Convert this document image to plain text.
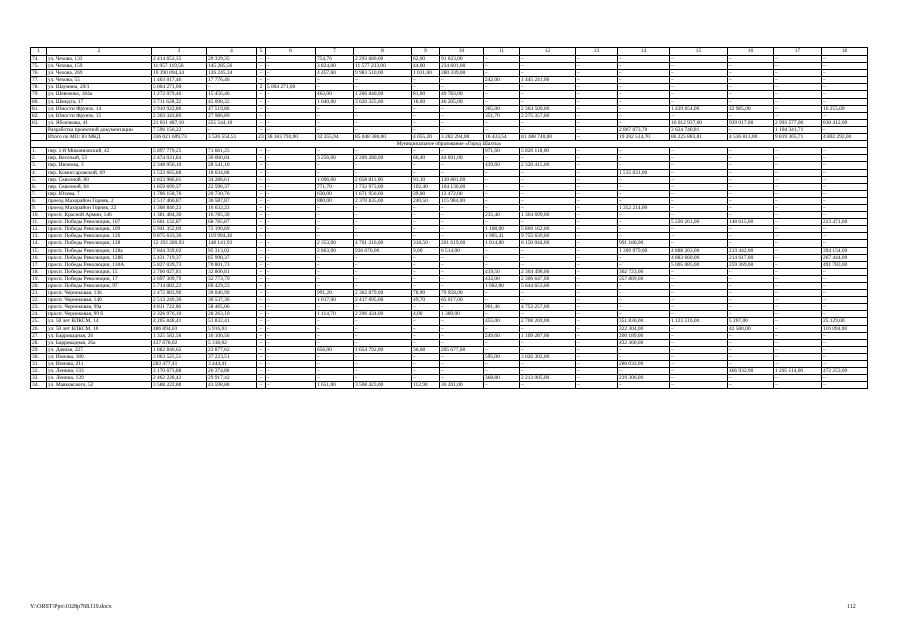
1	2	3	4	5	6	7	8	9	10	11	12	13	14	15	16	17	18
74.	ул. Чехова, 133	2 414 652,35	29 339,35	–	–	754,76	2 293 680,00	62,00	91 633,00	–	–	–	–	–	–	–	–
75.	ул. Чехова, 159	11 957 119,56	145 285,56	–	–	3 824,00	11 577 233,00	44,00	234 601,00	–	–	–	–	–	–	–	–
76.	ул. Чехова, 269	10 390 094,34	126 245,34	–	–	4 457,60	9 983 510,00	1 031,00	280 339,00	–	–	–	–	–	–	–	–
77.	ул. Чехова, 55	1 463 017,46	17 776,46	–	–	–	–	–	–	242,00	1 445 241,00	–	–	–	–	–	–
78.	ул. Шаумяна, 20/1	5 004 271,00	–	2	5 004 271,00	–	–	–	–	–	–	–	–	–	–	–	–
79.	ул. Шевченко, 184а	1 272 079,46	15 456,46	–	–	463,00	1 206 840,00	81,00	49 783,00	–	–	–	–	–	–	–	–
80.	ул. Шмидта, 17	3 711 628,32	45 098,32	–	–	1 040,00	3 620 325,00	18,00	46 205,00	–	–	–	–	–	–	–	–
81.	ул. Юности Фрунзе, 14	3 910 922,86	47 519,86	–	–	–	–	–	–	365,00	2 364 509,00	–	–	1 439 654,00	42 985,00	–	16 255,00
82.	ул. Юности Фрунзе, 15	2 303 343,89	27 986,89	–	–	–	–	–	–	351,70	2 275 357,00	–	–	–	–	–	–
83.	ул. Яблочкова, 41	21 031 487,10	255 544,10	–	–	–	–	–	–	–	–	–	–	16 012 937,00	939 017,00	2 993 577,00	830 412,00
	Разработка проектной документации	7 596 156,22	–	–	–	–	–	–	–	–	–	–	2 867 073,70	3 624 740,81	–	1 104 341,71	–
	Итого по МО: 83 МКД	336 021 609,73	3 526 554,51	23	38 183 792,00	32 355,94	85 048 380,00	4 055,20	3 282 294,00	16 433,54	81 388 740,00	–	19 202 514,70	86 225 883,81	4 536 813,00	9 819 365,71	4 802 292,00
Муниципальное образование «Город Шахты»																	
1.	пер. 1-й Микояновский, 42	5 897 779,25	71 661,25	–	–	–	–	–	–	971,60	5 826 118,00	–	–	–	–	–	–
2.	пер. Веселый, 53	2 474 031,84	30 060,84	–	–	3 256,00	2 399 280,00	66,40	44 691,00	–	–	–	–	–	–	–	–
3.	пер. Ивонова, 3	2 348 956,10	28 541,10	–	–	–	–	–	–	439,60	2 320 415,00	–	–	–	–	–	–
4.	пер. Комиссаровский, 69	1 533 665,88	18 634,88	–	–	–	–	–	–	–	–	–	1 515 031,00	–	–	–	–
5.	пер. Сквозной, 80	2 823 986,61	34 288,61	–	–	1 096,00	2 658 811,00	91,10	130 881,00	–	–	–	–	–	–	–	–
6.	пер. Сквозной, 84	1 859 699,37	22 596,37	–	–	771,70	1 732 973,00	102,40	104 130,00	–	–	–	–	–	–	–	–
7.	пер. Юхова, 7	1 706 158,76	20 730,76	–	–	630,00	1 671 956,00	39,00	13 472,00	–	–	–	–	–	–	–	–
8.	проезд Махорайон Горняк, 2	2 517 466,87	30 587,87	–	–	880,00	2 370 835,00	240,50	115 984,00	–	–	–	–	–	–	–	–
9.	проезд Махорайон Горняк, 22	1 368 846,23	16 632,23	–	–	–	–	–	–	–	–	–	1 352 214,00	–	–	–	–
10.	просп. Красной Армии, 146	1 381 484,30	16 785,30	–	–	–	–	–	–	235,40	1 364 699,00	–	–	–	–	–	–
11.	просп. Победы Революции, 107	5 661 132,87	68 785,87	–	–	–	–	–	–	–	–	–	–	5 220 261,00	148 615,00	–	223 471,00
12.	просп. Победы Революции, 109	5 941 352,69	72 190,69	–	–	–	–	–	–	1 108,00	5 869 162,00	–	–	–	–	–	–
13.	просп. Победы Революции, 126	9 875 633,36	119 994,36	–	–	–	–	–	–	1 905,41	9 755 639,00	–	–	–	–	–	–
14.	просп. Победы Революции, 128	12 192 280,93	148 141,93	–	–	2 353,00	4 701 216,00	318,50	201 619,00	1 014,80	6 150 044,00	–	991 180,00	–	–	–	–
15.	просп. Победы Революции, 128а	7 844 339,02	95 313,02	–	–	2 863,00	936 676,00	9,00	6 514,00	–	–	–	1 309 979,00	4 888 263,00	213 442,00	–	394 154,00
16.	просп. Победы Революции, 128б	5 431 719,37	65 998,37	–	–	–	–	–	–	–	–	–	–	4 883 660,00	214 617,00	–	267 444,00
17.	просп. Победы Революции, 130А	5 827 039,73	70 801,73	–	–	–	–	–	–	–	–	–	–	5 005 085,00	259 369,00	–	491 783,00
18.	просп. Победы Революции, 15	2 700 027,81	32 806,81	–	–	–	–	–	–	419,50	2 304 498,00	–	362 723,00	–	–	–	–
19.	просп. Победы Революции, 17	2 697 309,79	32 773,79	–	–	–	–	–	–	432,00	2 306 647,00	–	357 889,00	–	–	–	–
20.	просп. Победы Революции, 97	5 714 082,23	69 429,23	–	–	–	–	–	–	1 002,80	5 644 653,00	–	–	–	–	–	–
21.	просп. Черноковая, 136	2 472 883,90	30 046,90	–	–	991,20	2 362 879,00	78,90	79 958,00	–	–	–	–	–	–	–	–
22.	просп. Черноковая, 140	2 513 249,36	30 537,36	–	–	1 017,00	2 417 695,00	49,70	65 017,00	–	–	–	–	–	–	–	–
23.	просп. Черноковая, 99а	4 811 722,06	58 465,06	–	–	–	–	–	–	901,46	4 753 257,00	–	–	–	–	–	–
24.	просп. Черноковая, 99 б	2 326 076,10	28 263,10	–	–	1 114,70	2 296 424,00	4,00	1 389,00	–	–	–	–	–	–	–	–
25.	ул. 50 лет ВЛКСМ, 14	4 265 848,41	51 832,41	–	–	–	–	–	–	455,00	2 708 269,00	–	351 836,00	1 123 516,00	5 267,00	–	25 129,00
26.	ул. 50 лет ВЛКСМ, 16	486 894,03	5 916,03	–	–	–	–	–	–	–	–	–	322 304,00	–	42 580,00	–	116 094,00
27.	ул. Баррикадная, 26	1 325 582,56	16 106,56	–	–	–	–	–	–	249,60	1 109 287,00	–	200 189,00	–	–	–	–
28.	ул. Баррикадная, 26а	437 678,02	5 318,02	–	–	–	–	–	–	–	–	–	432 360,00	–	–	–	–
29.	ул. Дачная, 227	1 882 846,62	22 877,62	–	–	656,00	1 654 792,00	36,68	205 677,00	–	–	–	–	–	–	–	–
30.	ул. Ионова, 180	3 063 525,51	37 223,51	–	–	–	–	–	–	595,00	3 026 302,00	–	–	–	–	–	–
31.	ул. Ионова, 211	283 477,41	3 444,41	–	–	–	–	–	–	–	–	–	280 033,00	–	–	–	–
32.	ул. Ленина, 133	2 170 673,88	26 374,88	–	–	–	–	–	–	–	–	–	–	–	466 932,00	1 205 114,00	472 253,00
33.	ул. Ленина, 139	2 462 228,42	29 917,42	–	–	–	–	–	–	368,80	2 213 005,00	–	219 306,00	–	–	–	–
34.	ул. Маяковского, 52	3 588 222,88	43 598,88	–	–	1 651,00	3 508 423,00	112,90	36 201,00	–	–	–	–	–	–	–	–
Y:\ORST\Ppo\1028p768.f19.docx	112
